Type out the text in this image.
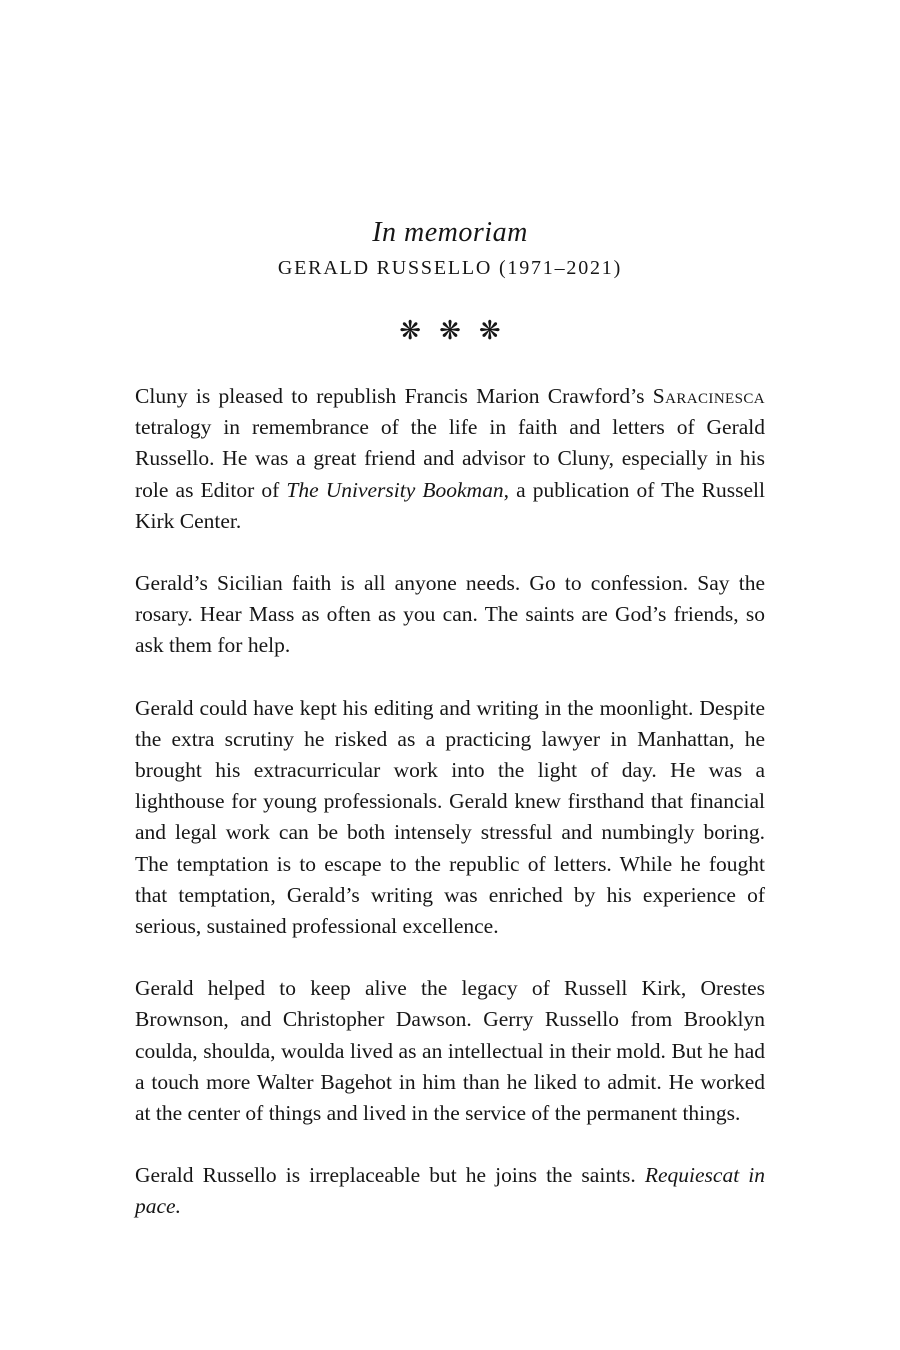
In memoriam
GERALD RUSSELLO (1971–2021)
❋ ❋ ❋

Cluny is pleased to republish Francis Marion Crawford’s Saracinesca tetralogy in remembrance of the life in faith and letters of Gerald Russello. He was a great friend and advisor to Cluny, especially in his role as Editor of The University Bookman, a publication of The Russell Kirk Center.

Gerald’s Sicilian faith is all anyone needs. Go to confession. Say the rosary. Hear Mass as often as you can. The saints are God’s friends, so ask them for help.

Gerald could have kept his editing and writing in the moonlight. Despite the extra scrutiny he risked as a practicing lawyer in Manhattan, he brought his extracurricular work into the light of day. He was a lighthouse for young professionals. Gerald knew firsthand that financial and legal work can be both intensely stressful and numbingly boring. The temptation is to escape to the republic of letters. While he fought that temptation, Gerald’s writing was enriched by his experience of serious, sustained professional excellence.

Gerald helped to keep alive the legacy of Russell Kirk, Orestes Brownson, and Christopher Dawson. Gerry Russello from Brooklyn coulda, shoulda, woulda lived as an intellectual in their mold. But he had a touch more Walter Bagehot in him than he liked to admit. He worked at the center of things and lived in the service of the permanent things.

Gerald Russello is irreplaceable but he joins the saints. Requiescat in pace.
